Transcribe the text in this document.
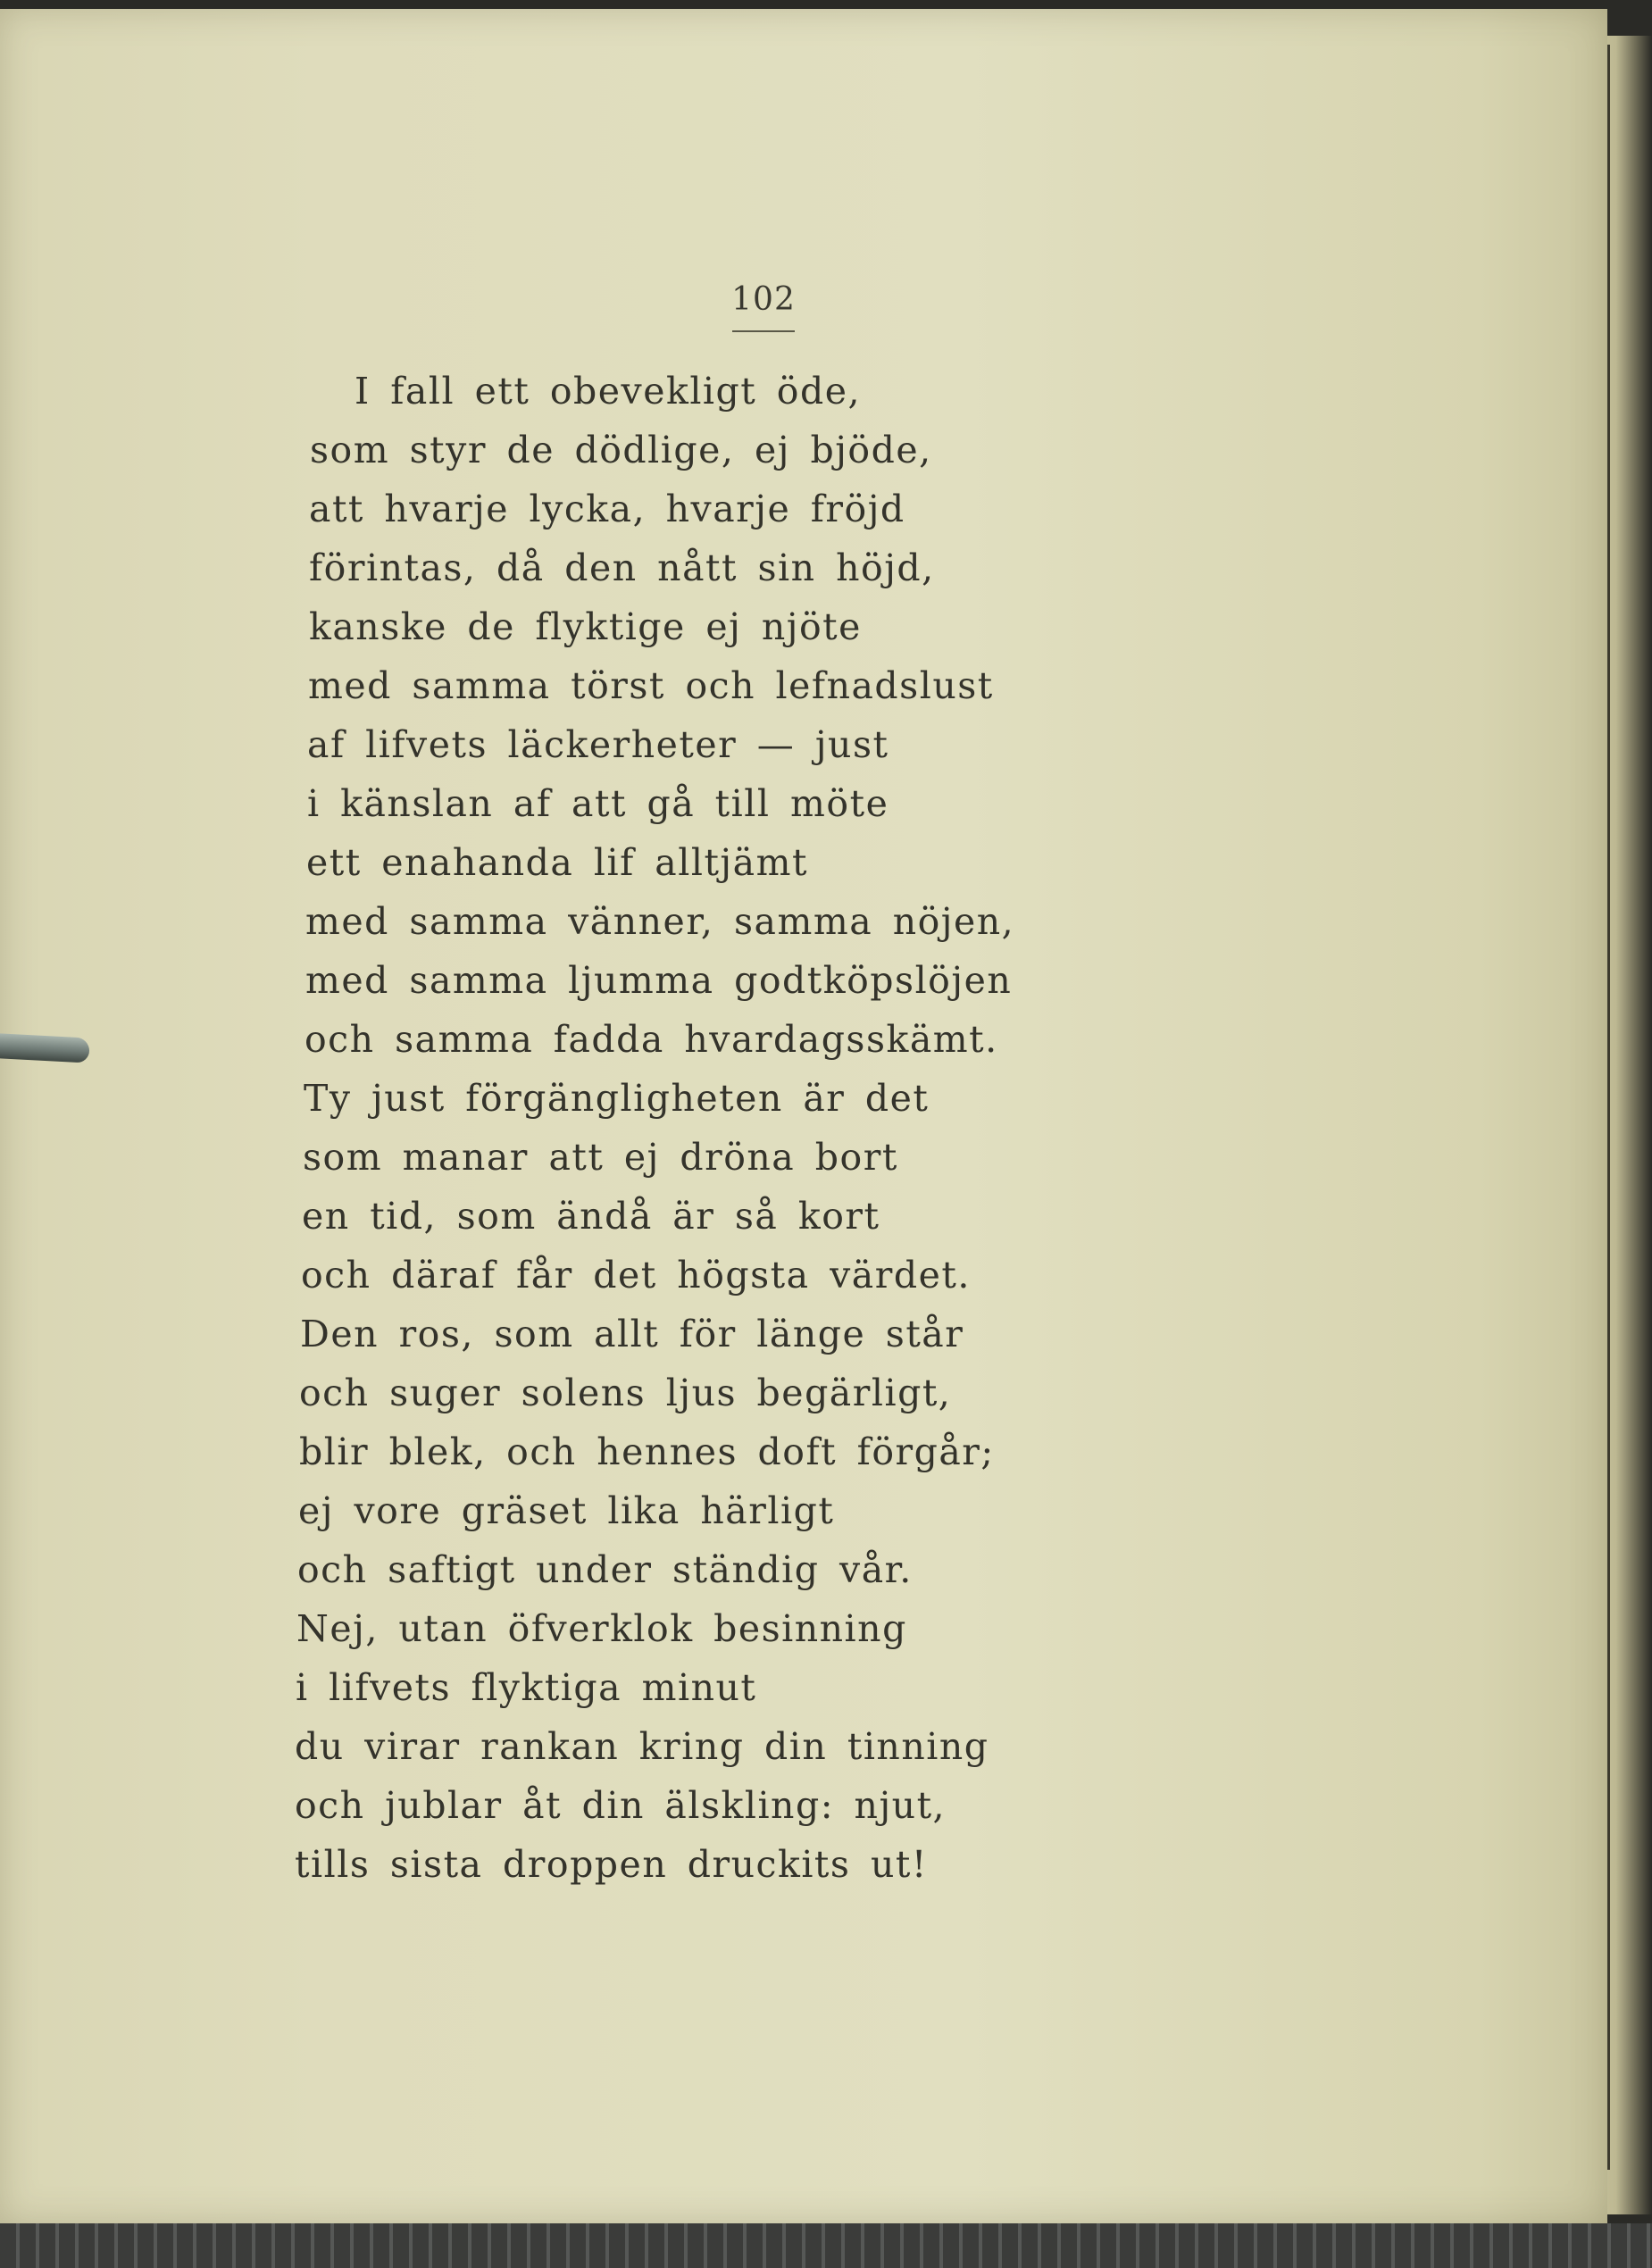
102
I fall ett obevekligt öde,
som styr de dödlige, ej bjöde,
att hvarje lycka, hvarje fröjd
förintas, då den nått sin höjd,
kanske de flyktige ej njöte
med samma törst och lefnadslust
af lifvets läckerheter — just
i känslan af att gå till möte
ett enahanda lif alltjämt
med samma vänner, samma nöjen,
med samma ljumma godtköpslöjen
och samma fadda hvardagsskämt.
Ty just förgängligheten är det
som manar att ej dröna bort
en tid, som ändå är så kort
och däraf får det högsta värdet.
Den ros, som allt för länge står
och suger solens ljus begärligt,
blir blek, och hennes doft förgår;
ej vore gräset lika härligt
och saftigt under ständig vår.
Nej, utan öfverklok besinning
i lifvets flyktiga minut
du virar rankan kring din tinning
och jublar åt din älskling: njut,
tills sista droppen druckits ut!
